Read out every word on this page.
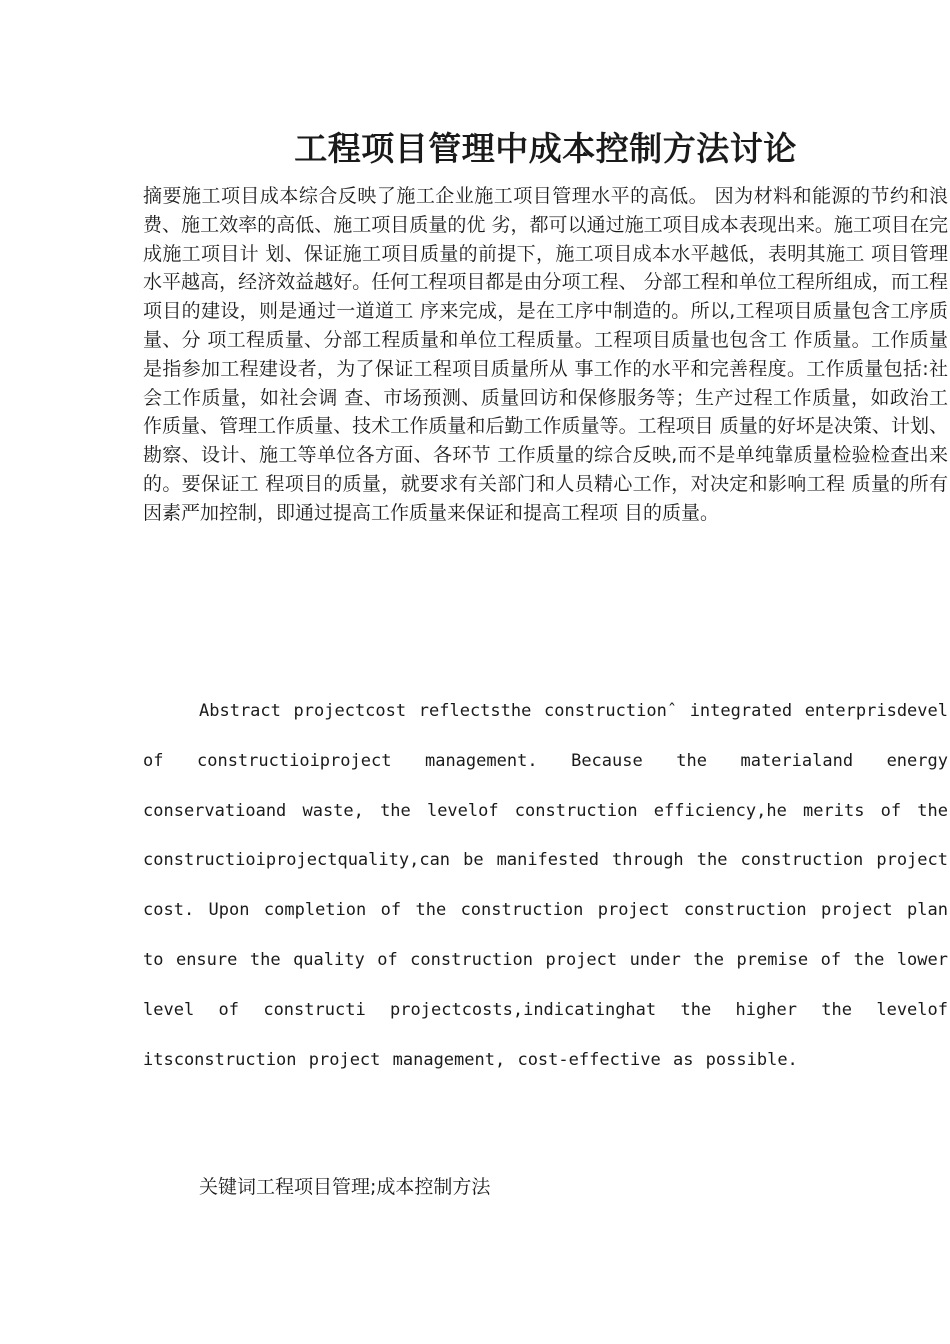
工程项目管理中成本控制方法讨论

摘要施工项目成本综合反映了施工企业施工项目管理水平的高低。 因为材料和能源的节约和浪费、施工效率的高低、施工项目质量的优 劣，都可以通过施工项目成本表现出来。施工项目在完成施工项目计 划、保证施工项目质量的前提下，施工项目成本水平越低，表明其施工 项目管理水平越高，经济效益越好。任何工程项目都是由分项工程、 分部工程和单位工程所组成，而工程项目的建设，则是通过一道道工 序来完成，是在工序中制造的。所以,工程项目质量包含工序质量、分 项工程质量、分部工程质量和单位工程质量。工程项目质量也包含工 作质量。工作质量是指参加工程建设者，为了保证工程项目质量所从 事工作的水平和完善程度。工作质量包括:社会工作质量，如社会调 查、市场预测、质量回访和保修服务等；生产过程工作质量，如政治工 作质量、管理工作质量、技术工作质量和后勤工作质量等。工程项目 质量的好坏是决策、计划、勘察、设计、施工等单位各方面、各环节 工作质量的综合反映,而不是单纯靠质量检验检查出来的。要保证工 程项目的质量，就要求有关部门和人员精心工作，对决定和影响工程 质量的所有因素严加控制，即通过提高工作质量来保证和提高工程项 目的质量。

Abstract projectcost reflectsthe constructionˆ integrated enterprisdevel of constructioiproject management. Because the materialand energy conservatioand waste, the levelof construction efficiency,he merits of the constructioiprojectquality,can be manifested through the construction project cost. Upon completion of the construction project construction project plan to ensure the quality of construction project under the premise of the lower level of constructi projectcosts,indicatinghat the higher the levelof itsconstruction project management, cost-effective as possible.

关键词工程项目管理;成本控制方法
